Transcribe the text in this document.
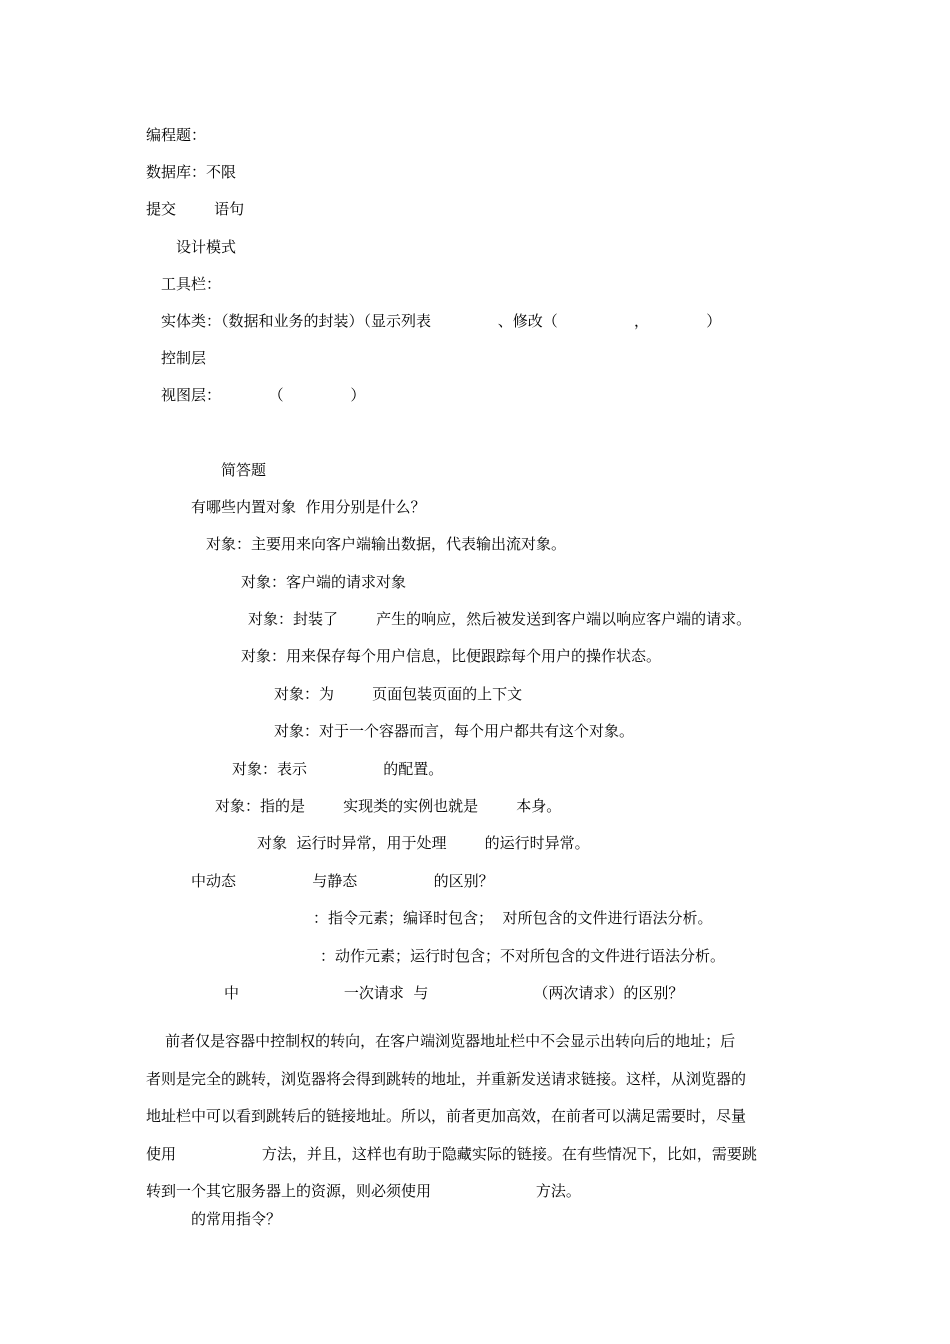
编程题：
数据库：不限
提交        语句
设计模式
工具栏：
实体类：（数据和业务的封装）（显示列表              、修改（                ，            ）
控制层
视图层：          （              ）
简答题
有哪些内置对象  作用分别是什么？
对象：主要用来向客户端输出数据，代表输出流对象。
对象：客户端的请求对象
对象：封装了        产生的响应，然后被发送到客户端以响应客户端的请求。
对象：用来保存每个用户信息，比便跟踪每个用户的操作状态。
对象：为        页面包装页面的上下文
对象：对于一个容器而言，每个用户都共有这个对象。
对象：表示                的配置。
对象：指的是        实现类的实例也就是        本身。
对象  运行时异常，用于处理        的运行时异常。
中动态                与静态                的区别？
：指令元素；编译时包含；  对所包含的文件进行语法分析。
：动作元素；运行时包含；不对所包含的文件进行语法分析。
中                      一次请求  与                      （两次请求）的区别？

前者仅是容器中控制权的转向，在客户端浏览器地址栏中不会显示出转向后的地址；后

者则是完全的跳转，浏览器将会得到跳转的地址，并重新发送请求链接。这样，从浏览器的

地址栏中可以看到跳转后的链接地址。所以，前者更加高效，在前者可以满足需要时，尽量

使用                  方法，并且，这样也有助于隐藏实际的链接。在有些情况下，比如，需要跳

转到一个其它服务器上的资源，则必须使用                      方法。

的常用指令？
